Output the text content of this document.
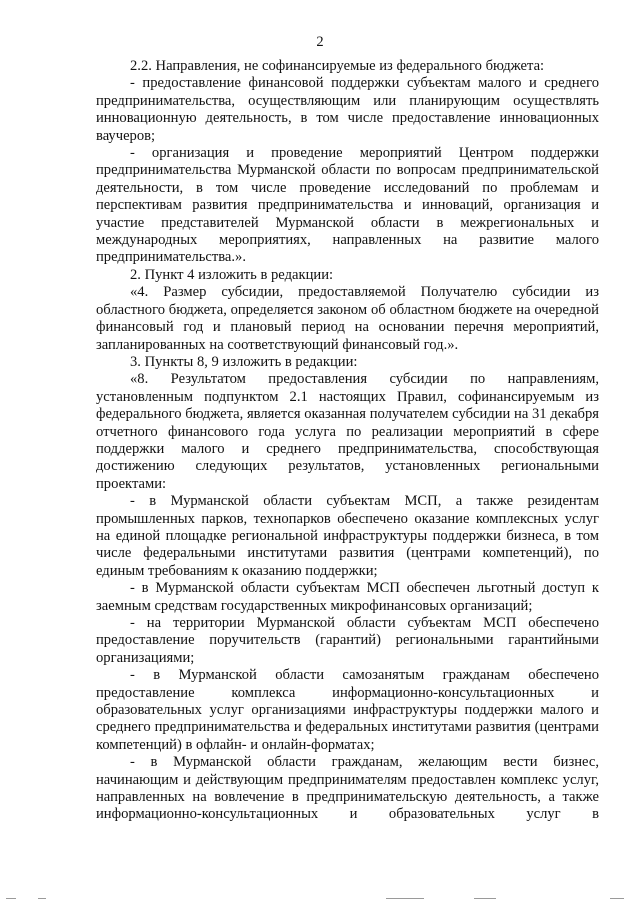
2

2.2. Направления, не софинансируемые из федерального бюджета:

- предоставление финансовой поддержки субъектам малого и среднего предпринимательства, осуществляющим или планирующим осуществлять инновационную деятельность, в том числе предоставление инновационных ваучеров;

- организация и проведение мероприятий Центром поддержки предпринимательства Мурманской области по вопросам предпринимательской деятельности, в том числе проведение исследований по проблемам и перспективам развития предпринимательства и инноваций, организация и участие представителей Мурманской области в межрегиональных и международных мероприятиях, направленных на развитие малого предпринимательства.».

2. Пункт 4 изложить в редакции:

«4. Размер субсидии, предоставляемой Получателю субсидии из областного бюджета, определяется законом об областном бюджете на очередной финансовый год и плановый период на основании перечня мероприятий, запланированных на соответствующий финансовый год.».

3. Пункты 8, 9 изложить в редакции:

«8. Результатом предоставления субсидии по направлениям, установленным подпунктом 2.1 настоящих Правил, софинансируемым из федерального бюджета, является оказанная получателем субсидии на 31 декабря отчетного финансового года услуга по реализации мероприятий в сфере поддержки малого и среднего предпринимательства, способствующая достижению следующих результатов, установленных региональными проектами:

- в Мурманской области субъектам МСП, а также резидентам промышленных парков, технопарков обеспечено оказание комплексных услуг на единой площадке региональной инфраструктуры поддержки бизнеса, в том числе федеральными институтами развития (центрами компетенций), по единым требованиям к оказанию поддержки;

- в Мурманской области субъектам МСП обеспечен льготный доступ к заемным средствам государственных микрофинансовых организаций;

- на территории Мурманской области субъектам МСП обеспечено предоставление поручительств (гарантий) региональными гарантийными организациями;

- в Мурманской области самозанятым гражданам обеспечено предоставление комплекса информационно-консультационных и образовательных услуг организациями инфраструктуры поддержки малого и среднего предпринимательства и федеральных институтами развития (центрами компетенций) в офлайн- и онлайн-форматах;

- в Мурманской области гражданам, желающим вести бизнес, начинающим и действующим предпринимателям предоставлен комплекс услуг, направленных на вовлечение в предпринимательскую деятельность, а также информационно-консультационных и образовательных услуг в
